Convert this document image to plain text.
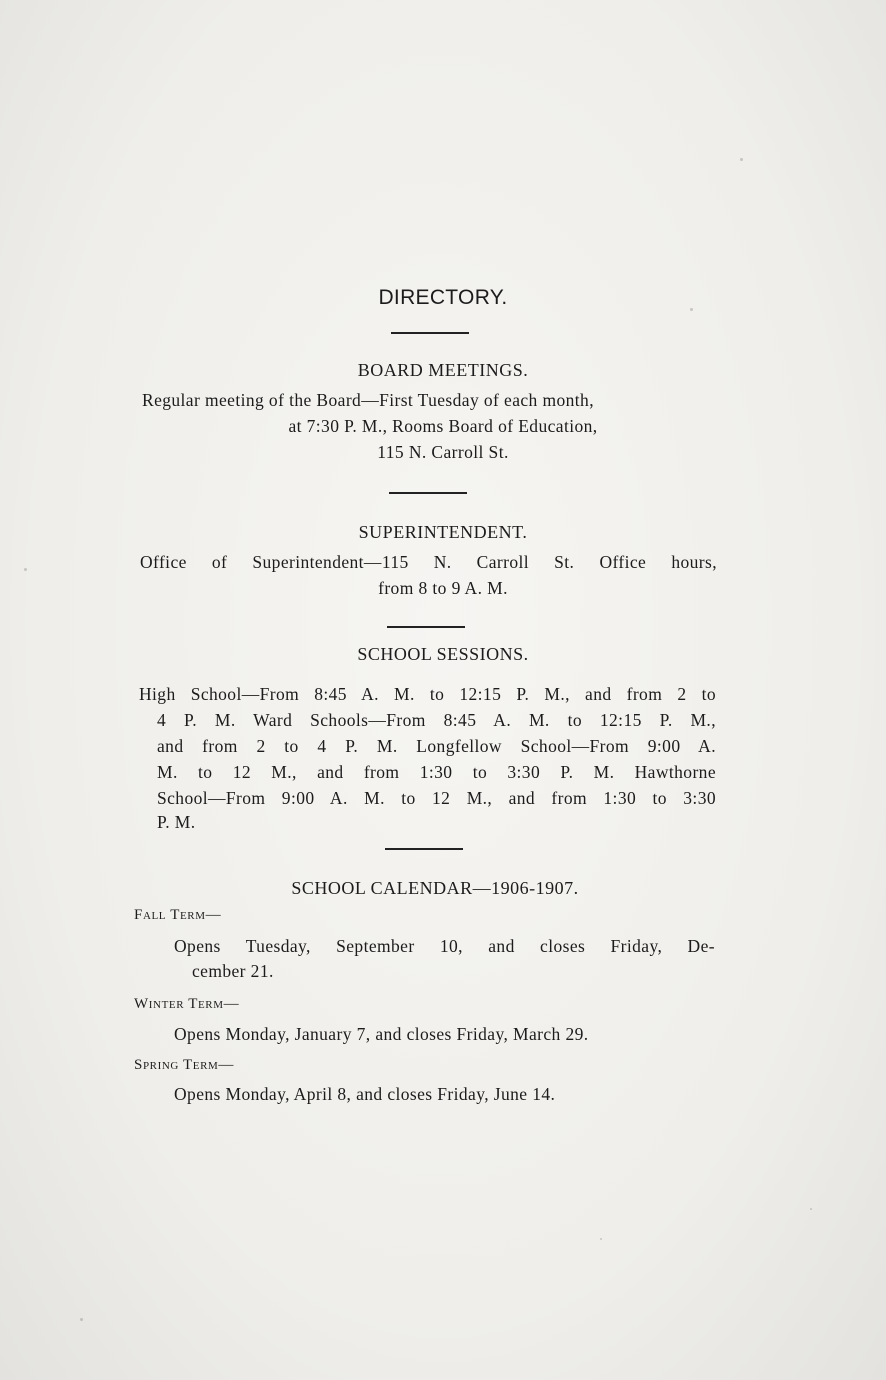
DIRECTORY.
BOARD MEETINGS.
Regular meeting of the Board—First Tuesday of each month,
at 7:30 P. M., Rooms Board of Education,
115 N. Carroll St.
SUPERINTENDENT.
Office of Superintendent—115 N. Carroll St. Office hours,
from 8 to 9 A. M.
SCHOOL SESSIONS.
High School—From 8:45 A. M. to 12:15 P. M., and from 2 to
4 P. M. Ward Schools—From 8:45 A. M. to 12:15 P. M.,
and from 2 to 4 P. M. Longfellow School—From 9:00 A.
M. to 12 M., and from 1:30 to 3:30 P. M. Hawthorne
School—From 9:00 A. M. to 12 M., and from 1:30 to 3:30
P. M.
SCHOOL CALENDAR—1906-1907.
Fall Term—
Opens Tuesday, September 10, and closes Friday, De-
cember 21.
Winter Term—
Opens Monday, January 7, and closes Friday, March 29.
Spring Term—
Opens Monday, April 8, and closes Friday, June 14.
